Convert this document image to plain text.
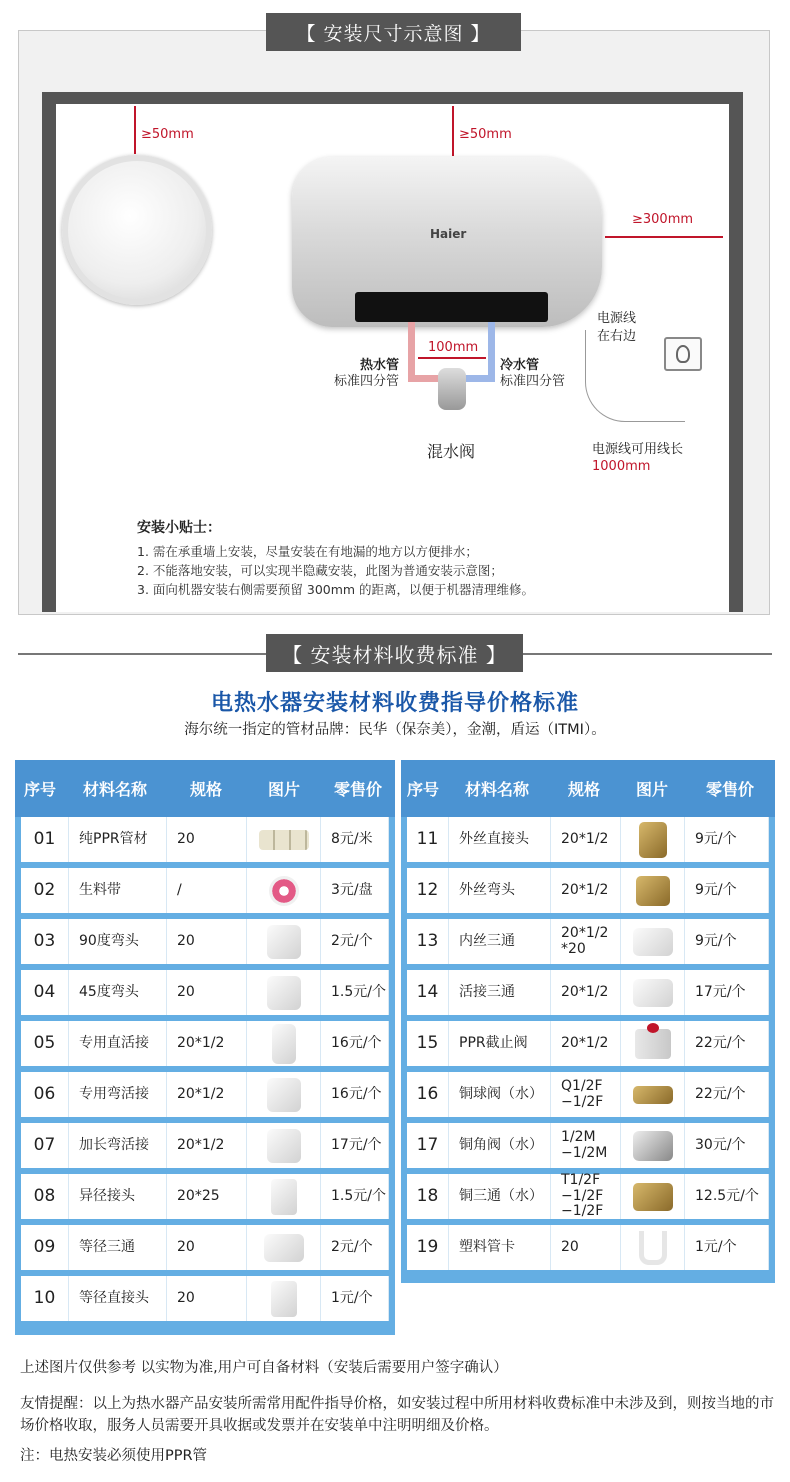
【 安装尺寸示意图 】
≥50mm	≥50mm
Haier
≥300mm
电源线
在右边
100mm
热水管
标准四分管
冷水管
标准四分管
混水阀	电源线可用线长
1000mm
安装小贴士：
1. 需在承重墙上安装，尽量安装在有地漏的地方以方便排水；
2. 不能落地安装，可以实现半隐藏安装，此图为普通安装示意图；
3. 面向机器安装右侧需要预留 300mm 的距离，以便于机器清理维修。
【 安装材料收费标准 】
电热水器安装材料收费指导价格标准
海尔统一指定的管材品牌：民华（保奈美），金潮，盾运（ITMI）。
序号	材料名称	规格	图片	零售价
01 纯PPR管材 20	8元/米
02 生料带	/	3元/盘
03 90度弯头	20	2元/个
04 45度弯头	20	1.5元/个
05 专用直活接 20*1/2	16元/个
06 专用弯活接 20*1/2	16元/个
07 加长弯活接 20*1/2	17元/个
08 异径接头	20*25	1.5元/个
09 等径三通	20	2元/个
10 等径直接头 20	1元/个
序号	材料名称	规格	图片	零售价
11 外丝直接头 20*1/2	9元/个
12 外丝弯头	20*1/2	9元/个
13 内丝三通	20*1/2
*20	9元/个
14 活接三通	20*1/2	17元/个
15 PPR截止阀 20*1/2	22元/个
16 铜球阀（水） Q1/2F
−1/2F	22元/个
17 铜角阀（水） 1/2M
−1/2M	30元/个
18 铜三通（水）
T1/2F
−1/2F
−1/2F
12.5元/个
19 塑料管卡	20	1元/个
上述图片仅供参考 以实物为准,用户可自备材料（安装后需要用户签字确认）
友情提醒：以上为热水器产品安装所需常用配件指导价格，如安装过程中所用材料收费标准中未涉及到，则按当地的市场价格收取，服务人员需要开具收据或发票并在安装单中注明明细及价格。
注：电热安装必须使用PPR管
